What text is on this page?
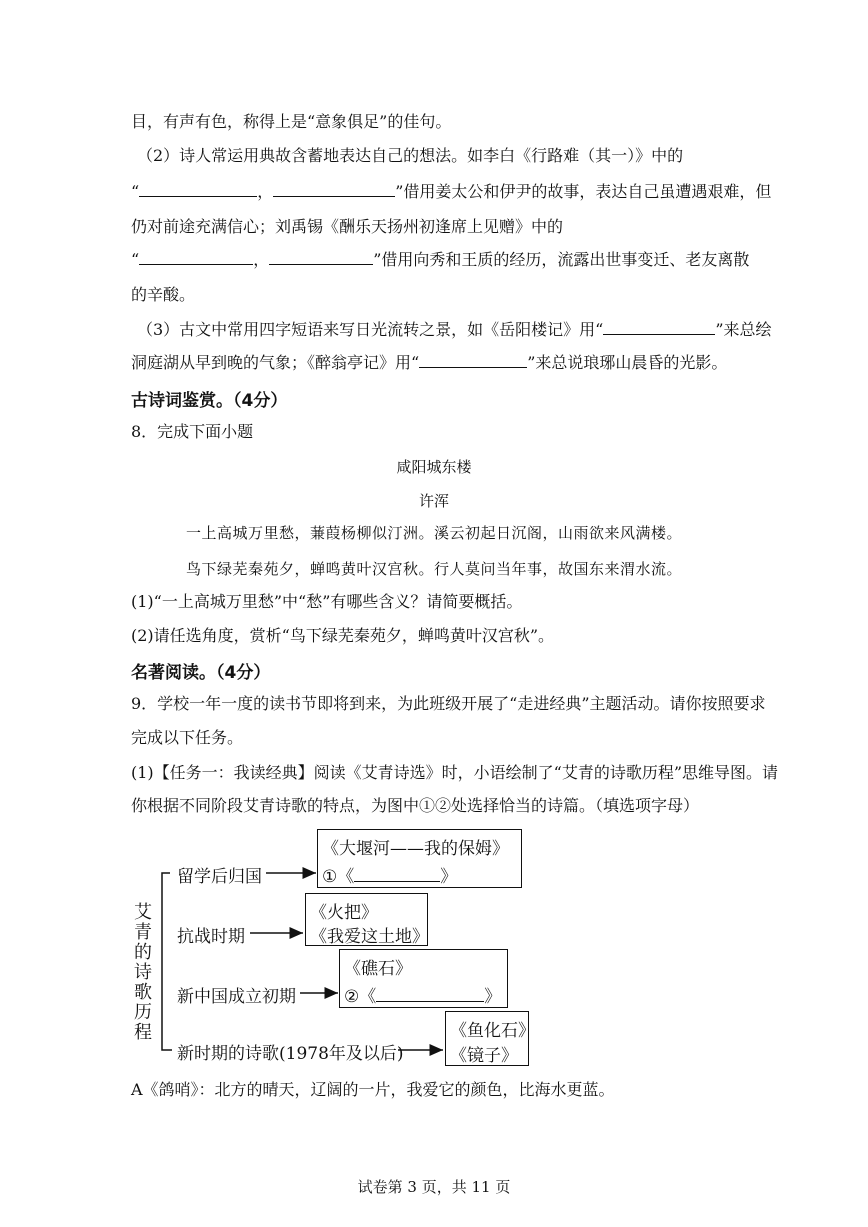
目，有声有色，称得上是“意象俱足”的佳句。
（2）诗人常运用典故含蓄地表达自己的想法。如李白《行路难（其一）》中的
“	，	”借用姜太公和伊尹的故事，表达自己虽遭遇艰难，但
仍对前途充满信心；刘禹锡《酬乐天扬州初逢席上见赠》中的
“	，	”借用向秀和王质的经历，流露出世事变迁、老友离散
的辛酸。
（3）古文中常用四字短语来写日光流转之景，如《岳阳楼记》用“	”来总绘
洞庭湖从早到晚的气象；《醉翁亭记》用“	”来总说琅琊山晨昏的光影。
古诗词鉴赏。（4分）
8．完成下面小题
咸阳城东楼
许浑
一上高城万里愁，蒹葭杨柳似汀洲。溪云初起日沉阁，山雨欲来风满楼。
鸟下绿芜秦苑夕，蝉鸣黄叶汉宫秋。行人莫问当年事，故国东来渭水流。
(1)“一上高城万里愁”中“愁”有哪些含义？请简要概括。
(2)请任选角度，赏析“鸟下绿芜秦苑夕，蝉鸣黄叶汉宫秋”。
名著阅读。（4分）
9．学校一年一度的读书节即将到来，为此班级开展了“走进经典”主题活动。请你按照要求
完成以下任务。
(1)【任务一：我读经典】阅读《艾青诗选》时，小语绘制了“艾青的诗歌历程”思维导图。请
你根据不同阶段艾青诗歌的特点，为图中①②处选择恰当的诗篇。（填选项字母）
艾
青
的
诗
歌
历
程
留学后归国
抗战时期
新中国成立初期
新时期的诗歌(1978年及以后)
《大堰河——我的保姆》
①《	》
《火把》
《我爱这土地》
《礁石》
②《	》
《鱼化石》
《镜子》
A《鸽哨》：北方的晴天，辽阔的一片，我爱它的颜色，比海水更蓝。
试卷第 3 页，共 11 页
